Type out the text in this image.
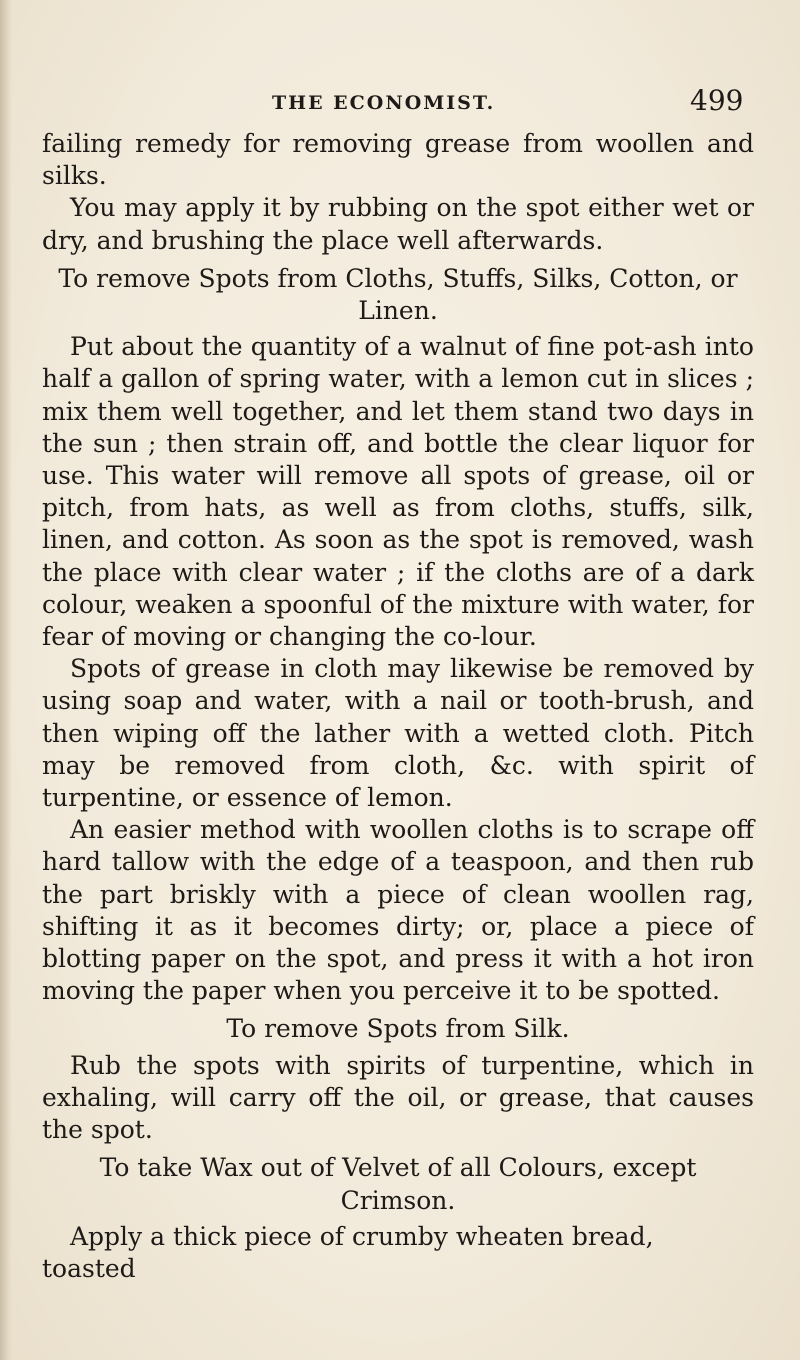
THE ECONOMIST.	499

failing remedy for removing grease from woollen and silks.

You may apply it by rubbing on the spot either wet or dry, and brushing the place well afterwards.

To remove Spots from Cloths, Stuffs, Silks, Cotton, or Linen.

Put about the quantity of a walnut of fine pot-ash into half a gallon of spring water, with a lemon cut in slices ; mix them well together, and let them stand two days in the sun ; then strain off, and bottle the clear liquor for use. This water will remove all spots of grease, oil or pitch, from hats, as well as from cloths, stuffs, silk, linen, and cotton. As soon as the spot is removed, wash the place with clear water ; if the cloths are of a dark colour, weaken a spoonful of the mixture with water, for fear of moving or changing the co-lour.

Spots of grease in cloth may likewise be removed by using soap and water, with a nail or tooth-brush, and then wiping off the lather with a wetted cloth. Pitch may be removed from cloth, &c. with spirit of turpentine, or essence of lemon.

An easier method with woollen cloths is to scrape off hard tallow with the edge of a teaspoon, and then rub the part briskly with a piece of clean woollen rag, shifting it as it becomes dirty; or, place a piece of blotting paper on the spot, and press it with a hot iron moving the paper when you perceive it to be spotted.

To remove Spots from Silk.

Rub the spots with spirits of turpentine, which in exhaling, will carry off the oil, or grease, that causes the spot.

To take Wax out of Velvet of all Colours, except Crimson.

Apply a thick piece of crumby wheaten bread, toasted
